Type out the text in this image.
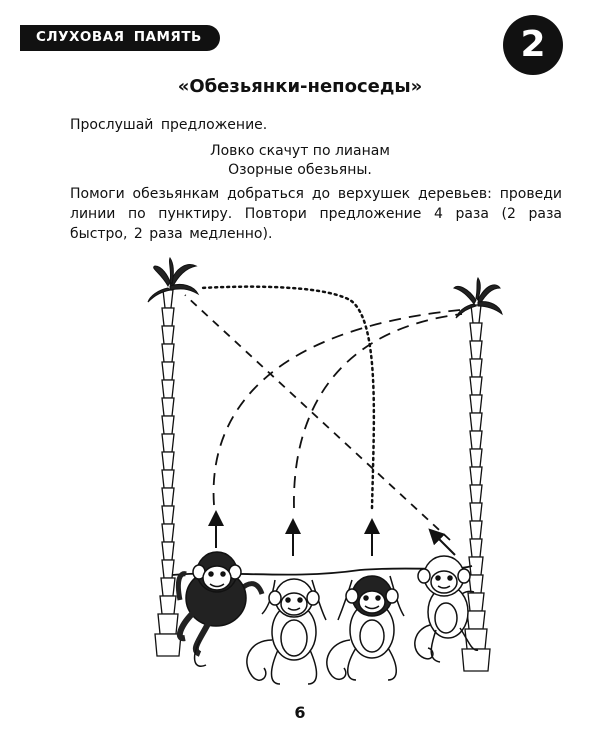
СЛУХОВАЯ ПАМЯТЬ	2
«Обезьянки-непоседы»
Прослушай предложение.
Ловко скачут по лианам
Озорные обезьяны.
Помоги обезьянкам добраться до верхушек деревьев: проведи линии по пунктиру. Повтори предложение 4 раза (2 раза быстро, 2 раза медленно).
6
